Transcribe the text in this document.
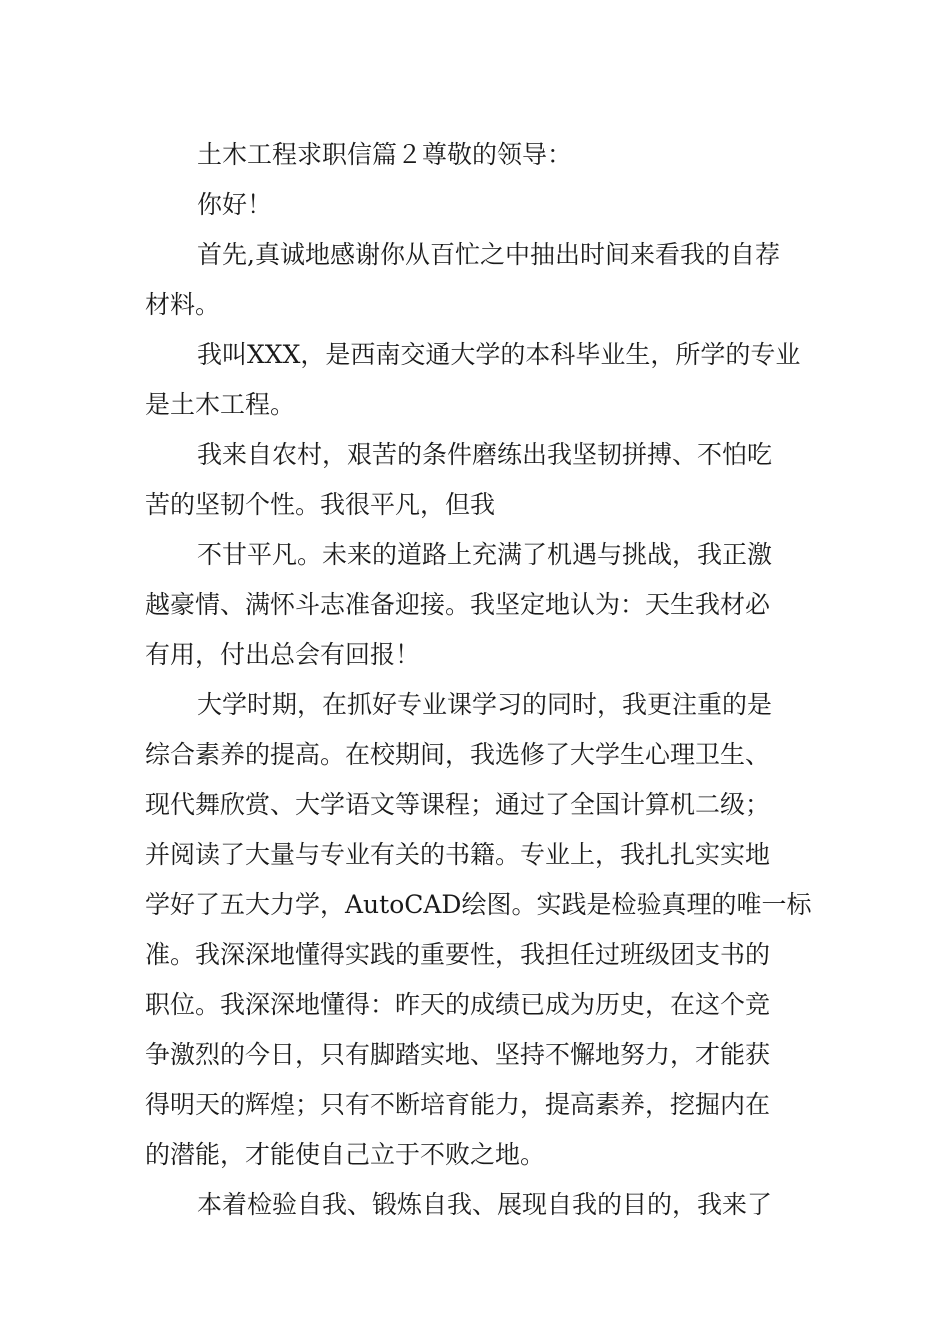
土木工程求职信篇２尊敬的领导：
你好！
首先,真诚地感谢你从百忙之中抽出时间来看我的自荐
材料。
我叫XXX，是西南交通大学的本科毕业生，所学的专业
是土木工程。
我来自农村，艰苦的条件磨练出我坚韧拼搏、不怕吃
苦的坚韧个性。我很平凡，但我
不甘平凡。未来的道路上充满了机遇与挑战，我正激
越豪情、满怀斗志准备迎接。我坚定地认为：天生我材必
有用，付出总会有回报！
大学时期，在抓好专业课学习的同时，我更注重的是
综合素养的提高。在校期间，我选修了大学生心理卫生、
现代舞欣赏、大学语文等课程；通过了全国计算机二级；
并阅读了大量与专业有关的书籍。专业上，我扎扎实实地
学好了五大力学，AutoCAD绘图。实践是检验真理的唯一标
准。我深深地懂得实践的重要性，我担任过班级团支书的
职位。我深深地懂得：昨天的成绩已成为历史，在这个竞
争激烈的今日，只有脚踏实地、坚持不懈地努力，才能获
得明天的辉煌；只有不断培育能力，提高素养，挖掘内在
的潜能，才能使自己立于不败之地。
本着检验自我、锻炼自我、展现自我的目的，我来了
